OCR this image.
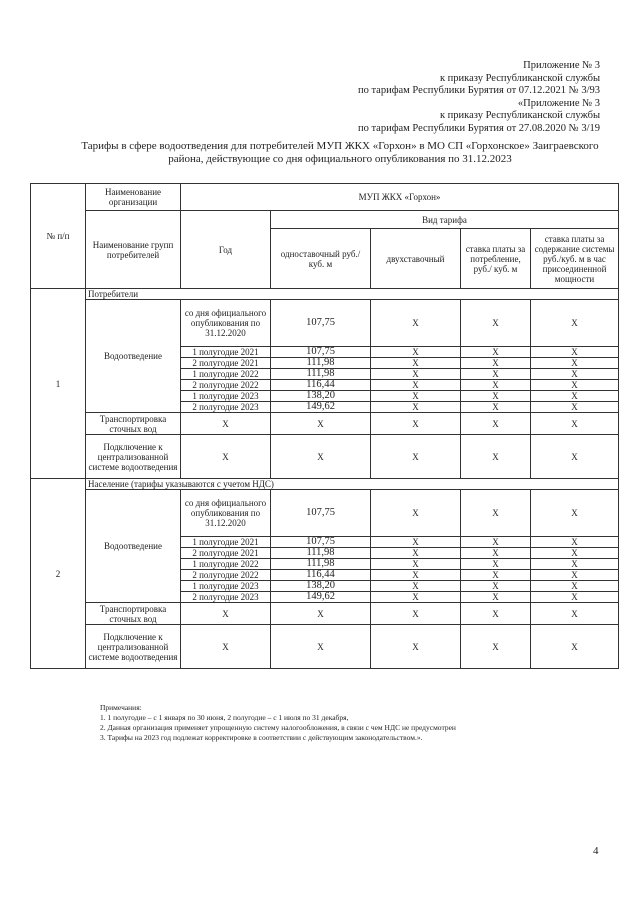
Приложение № 3
к приказу Республиканской службы
по тарифам Республики Бурятия от 07.12.2021 № 3/93
«Приложение № 3
к приказу Республиканской службы
по тарифам Республики Бурятия от 27.08.2020 № 3/19
Тарифы в сфере водоотведения для потребителей МУП ЖКХ «Горхон» в МО СП «Горхонское» Заиграевского
района, действующие со дня официального опубликования по 31.12.2023
№ п/п	Наименование организации	МУП ЖКХ «Горхон»				
	Наименование групп потребителей	Год	Вид тарифа			
			одноставочный руб./ куб. м	двухставочный	ставка платы за потребление, руб./ куб. м	ставка платы за содержание системы руб./куб. м в час присоединенной мощности
1	Потребители					
	Водоотведение	со дня официального опубликования по 31.12.2020	107,75	X	X	X
		1 полугодие 2021	107,75	X	X	X
		2 полугодие 2021	111,98	X	X	X
		1 полугодие 2022	111,98	X	X	X
		2 полугодие 2022	116,44	X	X	X
		1 полугодие 2023	138,20	X	X	X
		2 полугодие 2023	149,62	X	X	X
	Транспортировка сточных вод	X	X	X	X	X
	Подключение к централизованной системе водоотведения	X	X	X	X	X
2	Население (тарифы указываются с учетом НДС)					
	Водоотведение	со дня официального опубликования по 31.12.2020	107,75	X	X	X
		1 полугодие 2021	107,75	X	X	X
		2 полугодие 2021	111,98	X	X	X
		1 полугодие 2022	111,98	X	X	X
		2 полугодие 2022	116,44	X	X	X
		1 полугодие 2023	138,20	X	X	X
		2 полугодие 2023	149,62	X	X	X
	Транспортировка сточных вод	X	X	X	X	X
	Подключение к централизованной системе водоотведения	X	X	X	X	X
Примечания:
1. 1 полугодие – с 1 января по 30 июня, 2 полугодие – с 1 июля по 31 декабря,
2. Данная организация применяет упрощенную систему налогообложения, в связи с чем НДС не предусмотрен
3. Тарифы на 2023 год подлежат корректировке в соответствии с действующим законодательством.».
4
